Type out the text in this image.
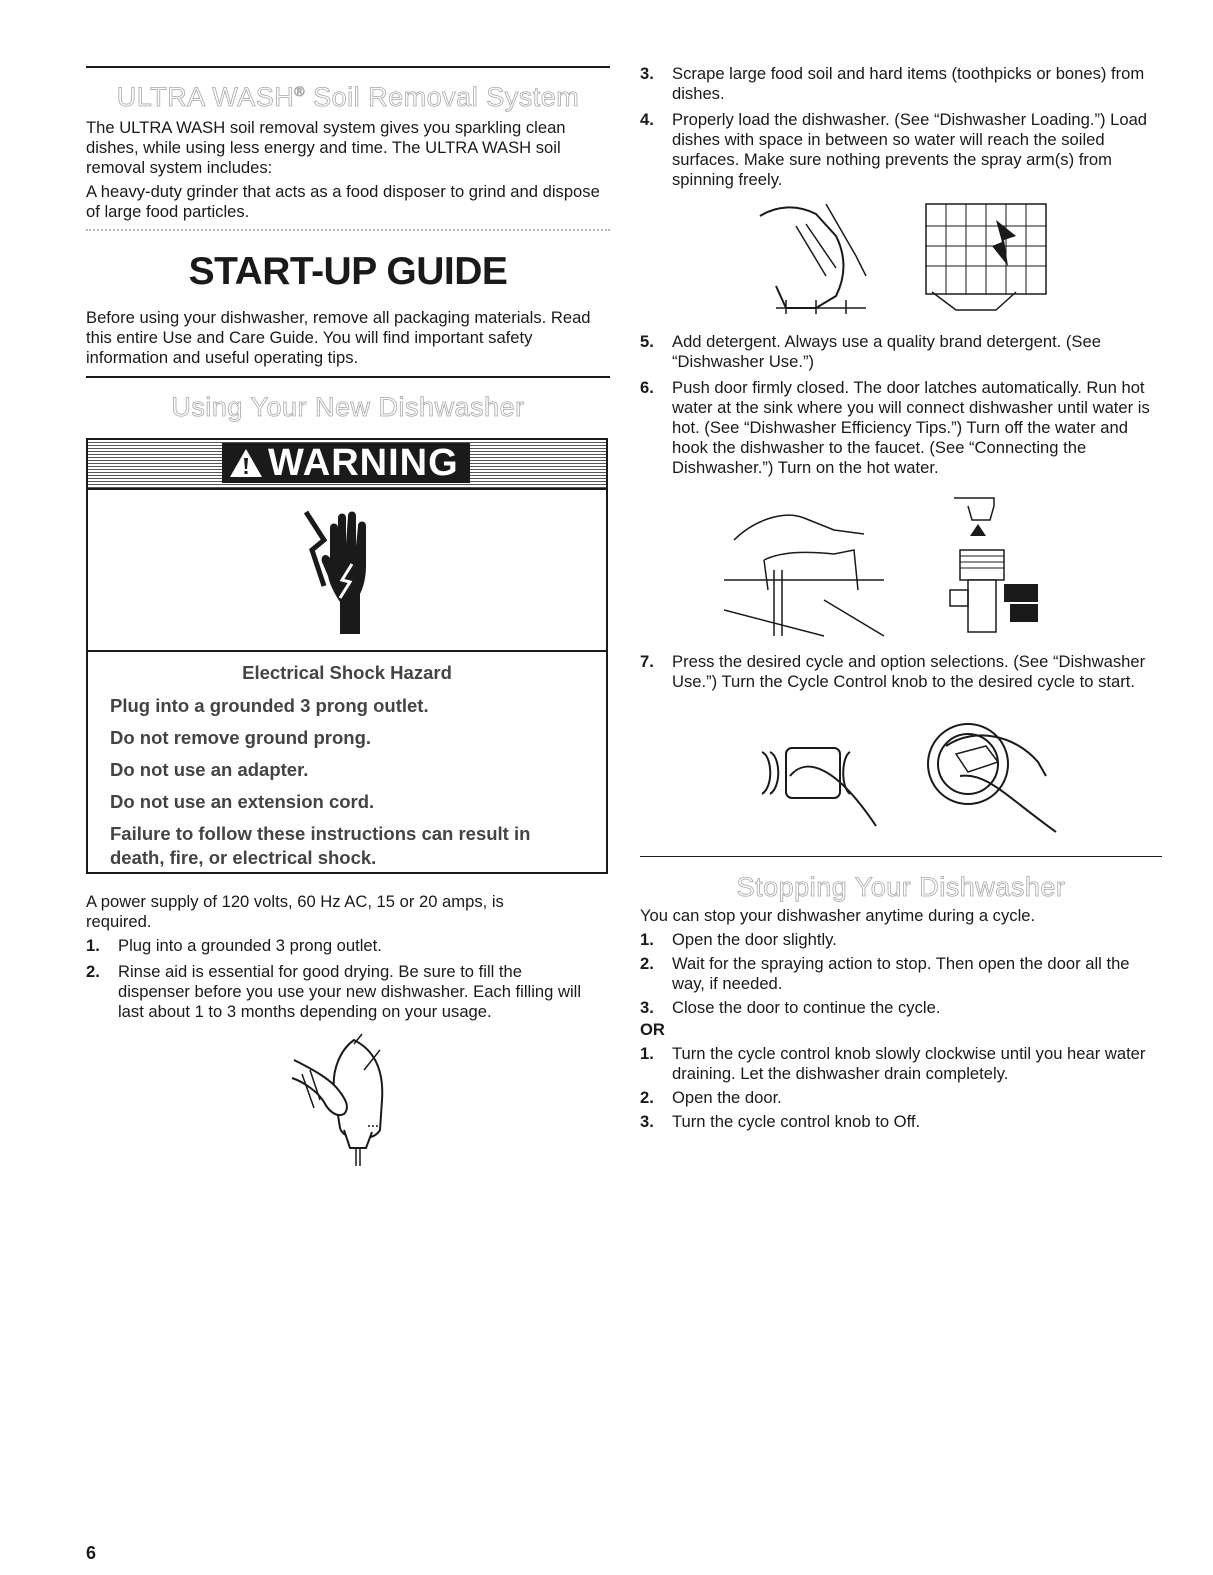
ULTRA WASH® Soil Removal System

The ULTRA WASH soil removal system gives you sparkling clean dishes, while using less energy and time. The ULTRA WASH soil removal system includes:

A heavy-duty grinder that acts as a food disposer to grind and dispose of large food particles.

START-UP GUIDE

Before using your dishwasher, remove all packaging materials. Read this entire Use and Care Guide. You will find important safety information and useful operating tips.

Using Your New Dishwasher

A power supply of 120 volts, 60 Hz AC, 15 or 20 amps, is required.

1. Plug into a grounded 3 prong outlet.
2. Rinse aid is essential for good drying. Be sure to fill the dispenser before you use your new dishwasher. Each filling will last about 1 to 3 months depending on your usage.
WARNING
Electrical Shock Hazard
Plug into a grounded 3 prong outlet.
Do not remove ground prong.
Do not use an adapter.
Do not use an extension cord.
Failure to follow these instructions can result in death, fire, or electrical shock.
3. Scrape large food soil and hard items (toothpicks or bones) from dishes.
4. Properly load the dishwasher. (See “Dishwasher Loading.”) Load dishes with space in between so water will reach the soiled surfaces. Make sure nothing prevents the spray arm(s) from spinning freely.
5. Add detergent. Always use a quality brand detergent. (See “Dishwasher Use.”)
6. Push door firmly closed. The door latches automatically. Run hot water at the sink where you will connect dishwasher until water is hot. (See “Dishwasher Efficiency Tips.”) Turn off the water and hook the dishwasher to the faucet. (See “Connecting the Dishwasher.”) Turn on the hot water.
7. Press the desired cycle and option selections. (See “Dishwasher Use.”) Turn the Cycle Control knob to the desired cycle to start.
Stopping Your Dishwasher

You can stop your dishwasher anytime during a cycle.

1. Open the door slightly.
2. Wait for the spraying action to stop. Then open the door all the way, if needed.
3. Close the door to continue the cycle.
OR
1. Turn the cycle control knob slowly clockwise until you hear water draining. Let the dishwasher drain completely.
2. Open the door.
3. Turn the cycle control knob to Off.
6
